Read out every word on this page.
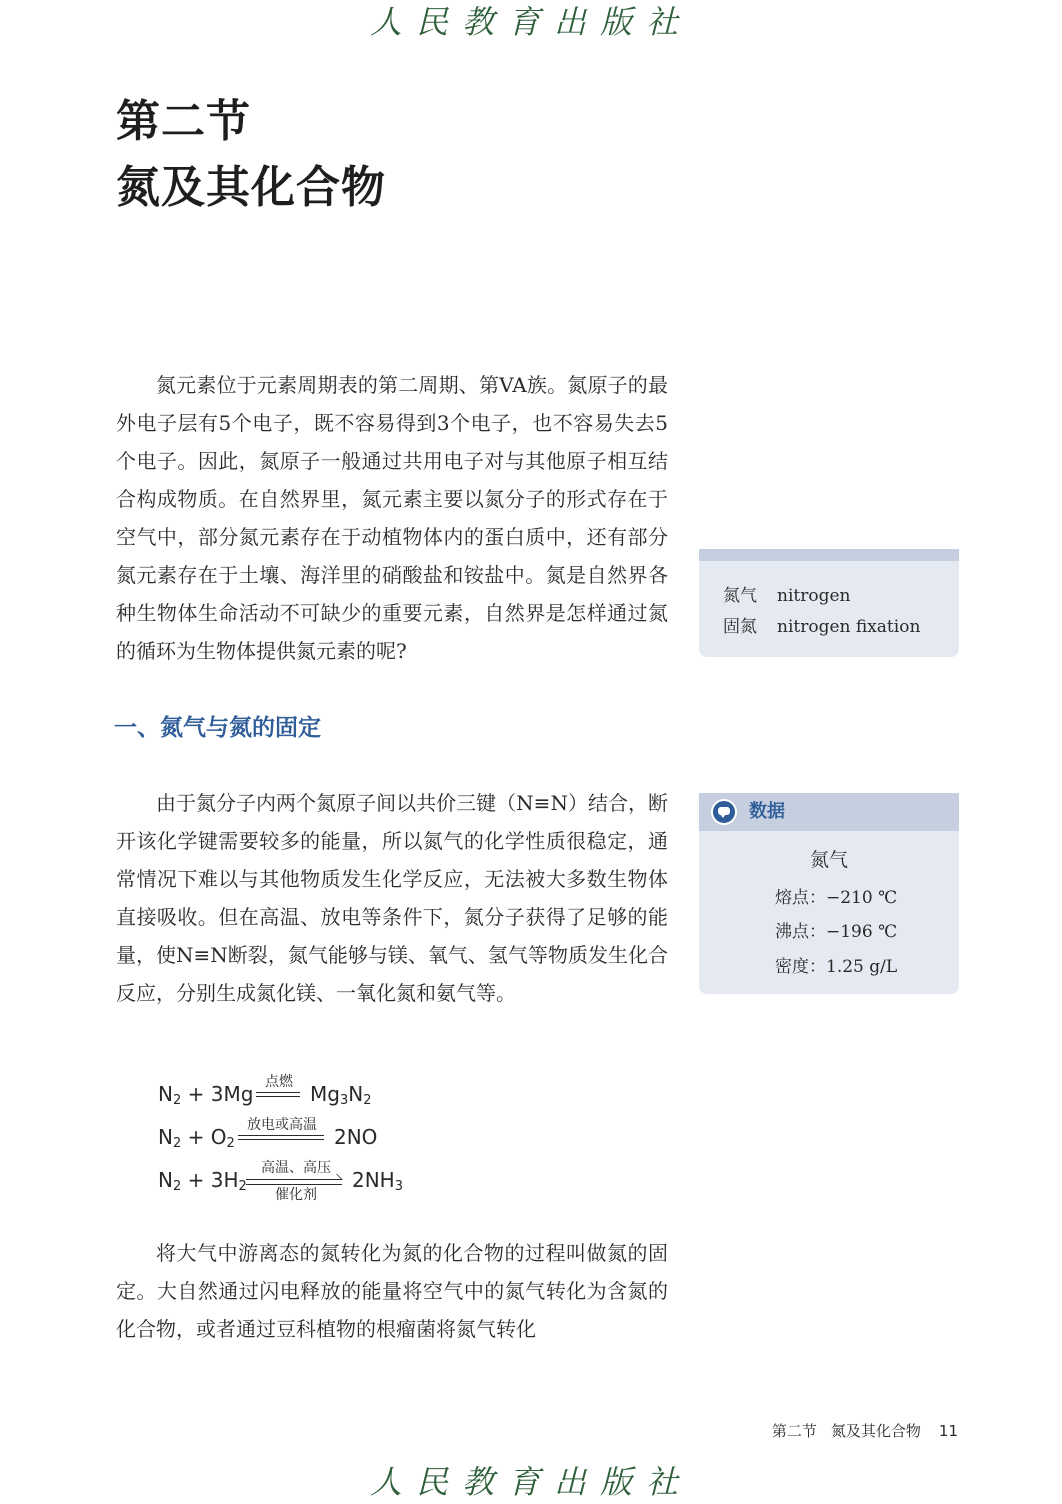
人民教育出版社
第二节
氮及其化合物

氮元素位于元素周期表的第二周期、第VA族。氮原子的最外电子层有5个电子，既不容易得到3个电子，也不容易失去5个电子。因此，氮原子一般通过共用电子对与其他原子相互结合构成物质。在自然界里，氮元素主要以氮分子的形式存在于空气中，部分氮元素存在于动植物体内的蛋白质中，还有部分氮元素存在于土壤、海洋里的硝酸盐和铵盐中。氮是自然界各种生物体生命活动不可缺少的重要元素，自然界是怎样通过氮的循环为生物体提供氮元素的呢?

氮气 nitrogen
固氮 nitrogen fixation
一、氮气与氮的固定

由于氮分子内两个氮原子间以共价三键（N≡N）结合，断开该化学键需要较多的能量，所以氮气的化学性质很稳定，通常情况下难以与其他物质发生化学反应，无法被大多数生物体直接吸收。但在高温、放电等条件下，氮分子获得了足够的能量，使N≡N断裂，氮气能够与镁、氧气、氢气等物质发生化合反应，分别生成氮化镁、一氧化氮和氨气等。

数据
氮气
熔点：−210 ℃
沸点：−196 ℃
密度：1.25 g/L
$N_2 + 3Mg$ 点燃 $Mg_3N_2$
$N_2 + O_2$
放电或高温 2NO
$N_2 + 3H_2$
高温、高压
催化剂
$2NH_3$

将大气中游离态的氮转化为氮的化合物的过程叫做氮的固定。大自然通过闪电释放的能量将空气中的氮气转化为含氮的化合物，或者通过豆科植物的根瘤菌将氮气转化

第二节 氮及其化合物 11
人民教育出版社
